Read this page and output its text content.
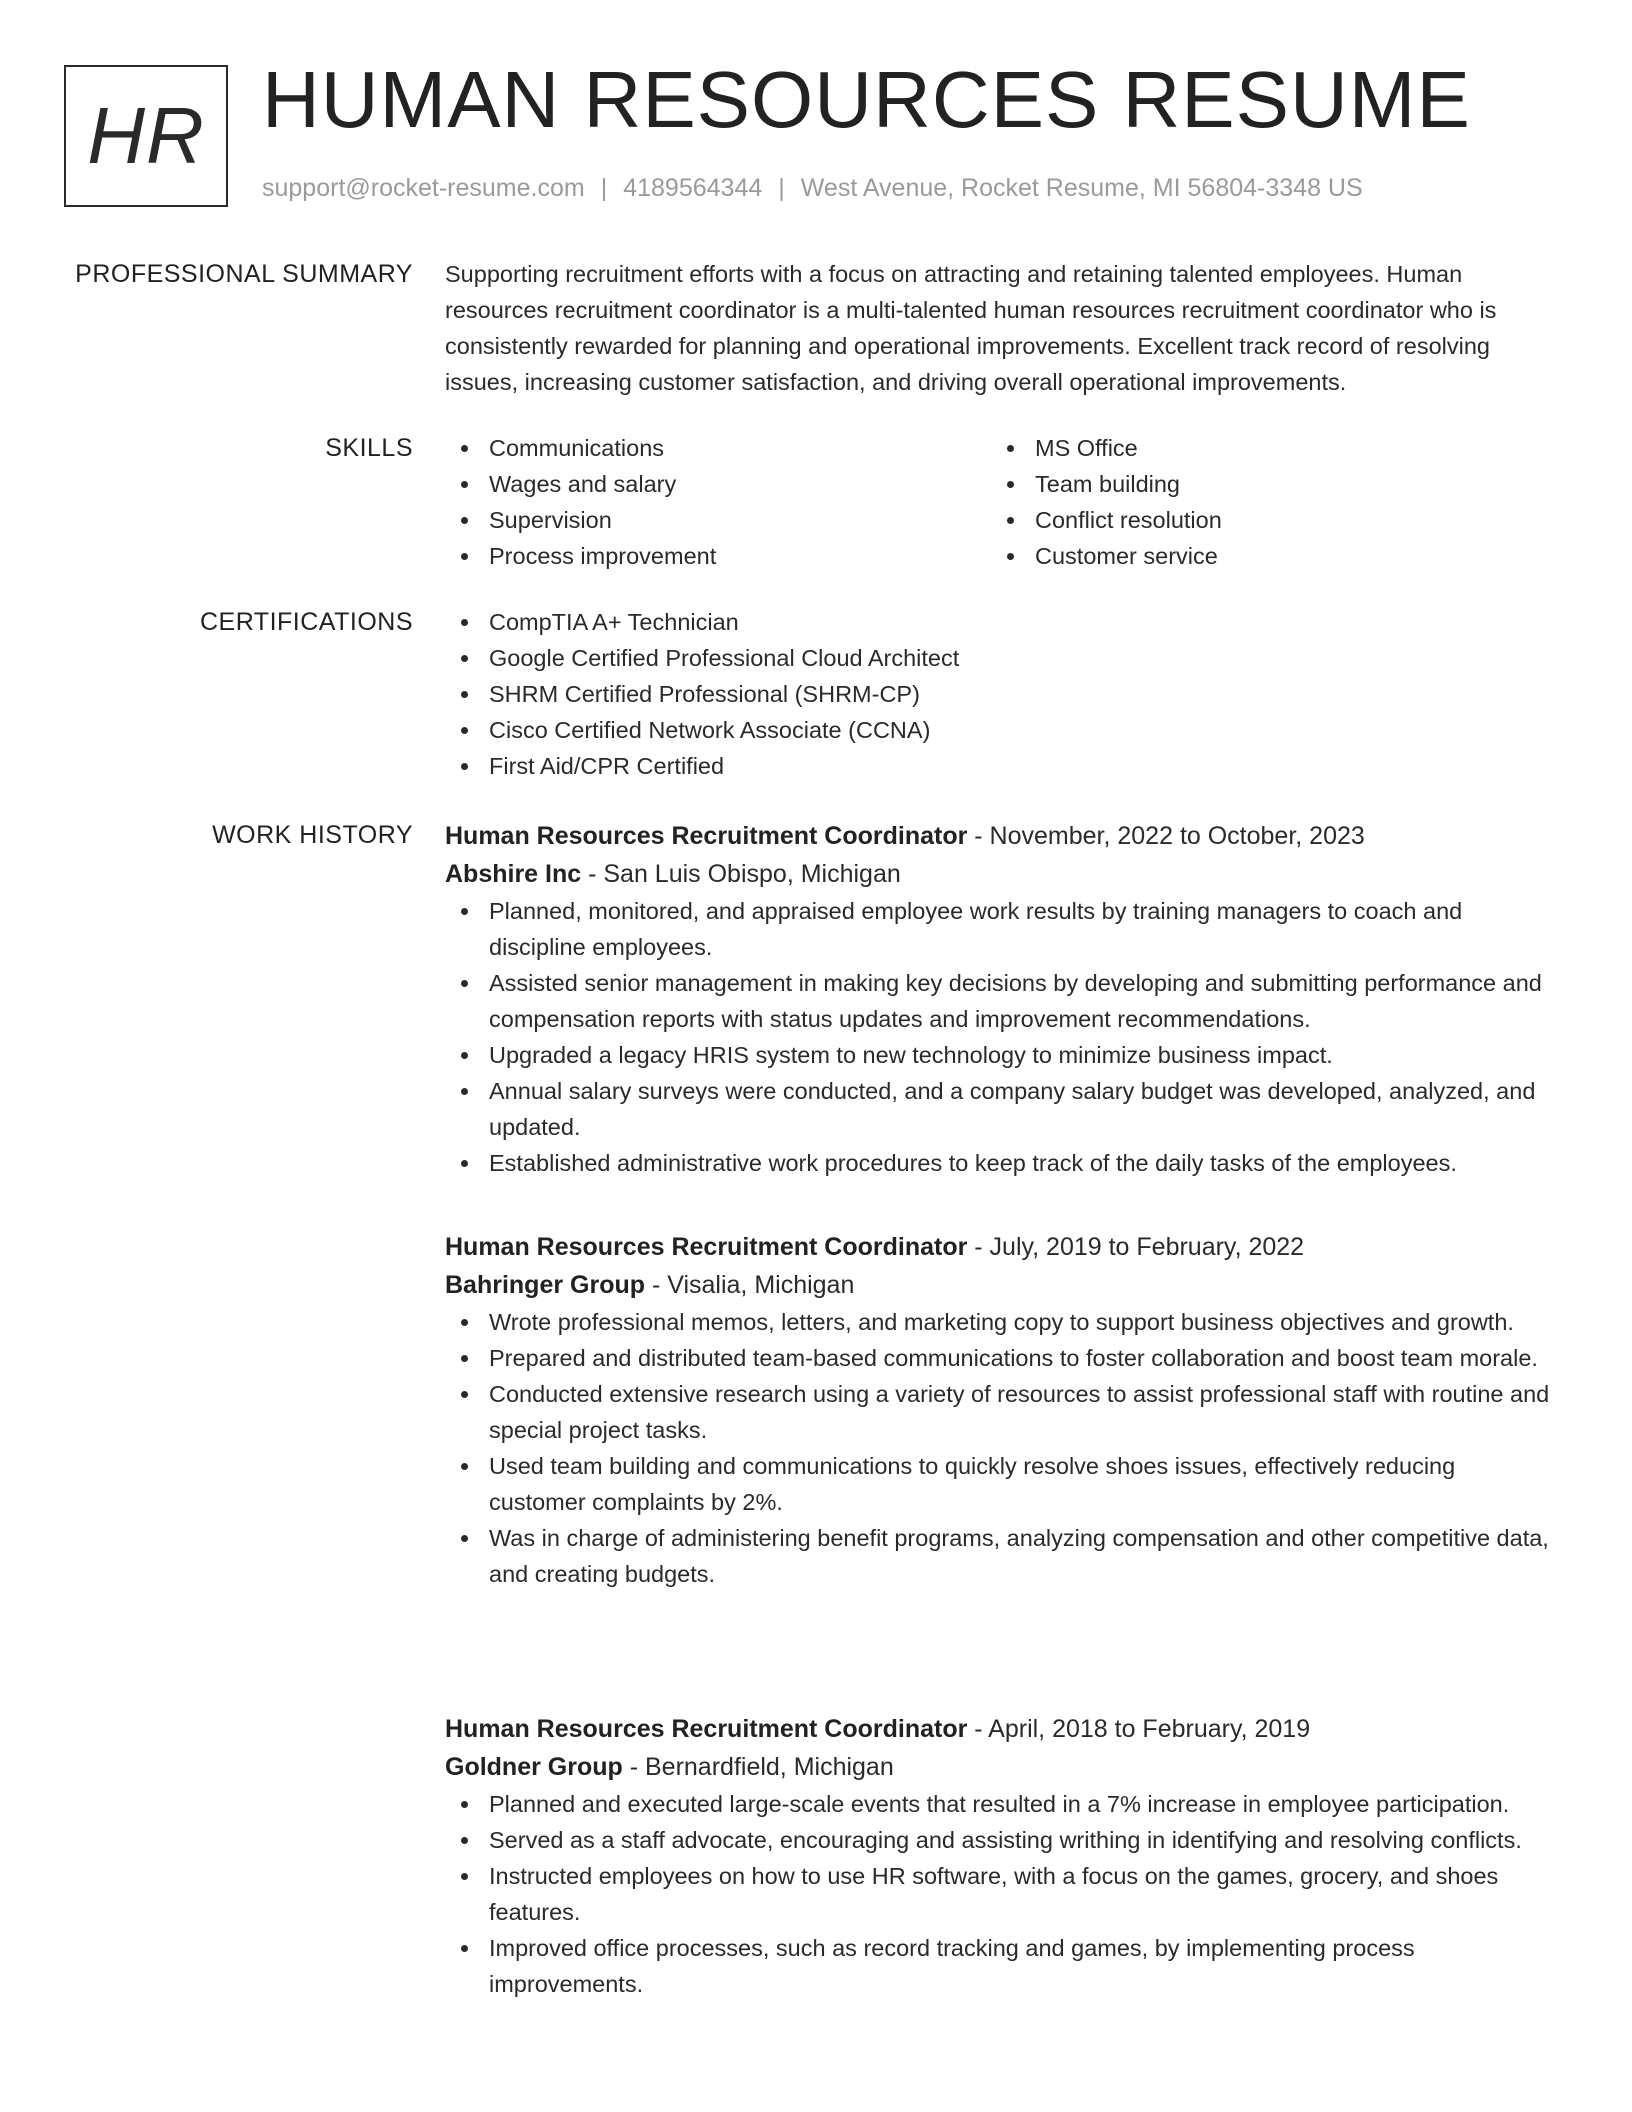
HR HUMAN RESOURCES RESUME
support@rocket-resume.com | 4189564344 | West Avenue, Rocket Resume, MI 56804-3348 US
PROFESSIONAL SUMMARY Supporting recruitment efforts with a focus on attracting and retaining talented employees. Human resources recruitment coordinator is a multi-talented human resources recruitment coordinator who is consistently rewarded for planning and operational improvements. Excellent track record of resolving issues, increasing customer satisfaction, and driving overall operational improvements.
SKILLS	Communications
Wages and salary
Supervision
Process improvement
MS Office
Team building
Conflict resolution
Customer service
CERTIFICATIONS	CompTIA A+ Technician
Google Certified Professional Cloud Architect
SHRM Certified Professional (SHRM-CP)
Cisco Certified Network Associate (CCNA)
First Aid/CPR Certified
WORK HISTORY Human Resources Recruitment Coordinator - November, 2022 to October, 2023
Abshire Inc - San Luis Obispo, Michigan
Planned, monitored, and appraised employee work results by training managers to coach and discipline employees.
Assisted senior management in making key decisions by developing and submitting performance and compensation reports with status updates and improvement recommendations.
Upgraded a legacy HRIS system to new technology to minimize business impact.
Annual salary surveys were conducted, and a company salary budget was developed, analyzed, and updated.
Established administrative work procedures to keep track of the daily tasks of the employees.
Human Resources Recruitment Coordinator - July, 2019 to February, 2022
Bahringer Group - Visalia, Michigan
Wrote professional memos, letters, and marketing copy to support business objectives and growth.
Prepared and distributed team-based communications to foster collaboration and boost team morale.
Conducted extensive research using a variety of resources to assist professional staff with routine and special project tasks.
Used team building and communications to quickly resolve shoes issues, effectively reducing customer complaints by 2%.
Was in charge of administering benefit programs, analyzing compensation and other competitive data, and creating budgets.
Human Resources Recruitment Coordinator - April, 2018 to February, 2019
Goldner Group - Bernardfield, Michigan
Planned and executed large-scale events that resulted in a 7% increase in employee participation.
Served as a staff advocate, encouraging and assisting writhing in identifying and resolving conflicts.
Instructed employees on how to use HR software, with a focus on the games, grocery, and shoes features.
Improved office processes, such as record tracking and games, by implementing process improvements.
